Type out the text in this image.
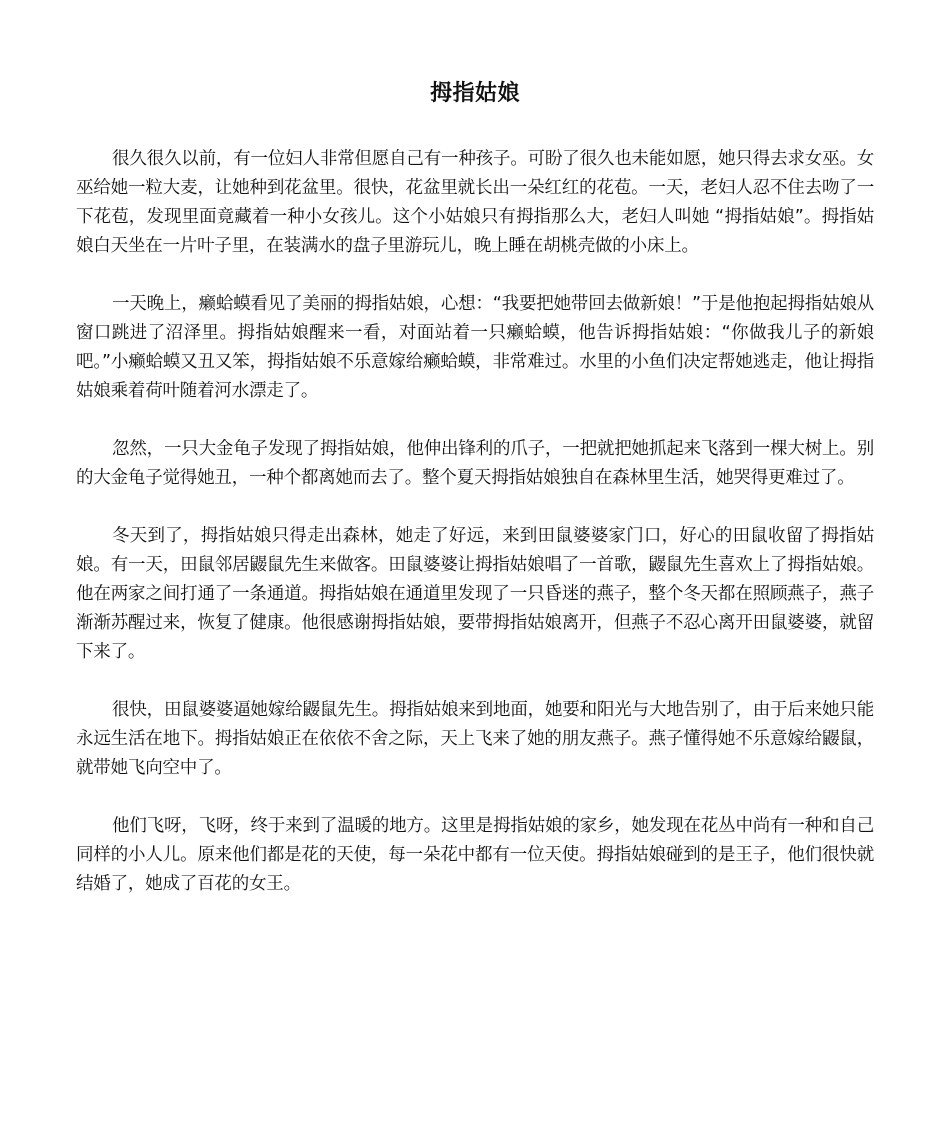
拇指姑娘

很久很久以前，有一位妇人非常但愿自己有一种孩子。可盼了很久也未能如愿，她只得去求女巫。女巫给她一粒大麦，让她种到花盆里。很快，花盆里就长出一朵红红的花苞。一天，老妇人忍不住去吻了一下花苞，发现里面竟藏着一种小女孩儿。这个小姑娘只有拇指那么大，老妇人叫她 “拇指姑娘”。拇指姑娘白天坐在一片叶子里，在装满水的盘子里游玩儿，晚上睡在胡桃壳做的小床上。

一天晚上，癞蛤蟆看见了美丽的拇指姑娘，心想：“我要把她带回去做新娘！”于是他抱起拇指姑娘从窗口跳进了沼泽里。拇指姑娘醒来一看，对面站着一只癞蛤蟆，他告诉拇指姑娘：“你做我儿子的新娘吧。”小癞蛤蟆又丑又笨，拇指姑娘不乐意嫁给癞蛤蟆，非常难过。水里的小鱼们决定帮她逃走，他让拇指姑娘乘着荷叶随着河水漂走了。

忽然，一只大金龟子发现了拇指姑娘，他伸出锋利的爪子，一把就把她抓起来飞落到一棵大树上。别的大金龟子觉得她丑，一种个都离她而去了。整个夏天拇指姑娘独自在森林里生活，她哭得更难过了。

冬天到了，拇指姑娘只得走出森林，她走了好远，来到田鼠婆婆家门口，好心的田鼠收留了拇指姑娘。有一天，田鼠邻居鼹鼠先生来做客。田鼠婆婆让拇指姑娘唱了一首歌，鼹鼠先生喜欢上了拇指姑娘。他在两家之间打通了一条通道。拇指姑娘在通道里发现了一只昏迷的燕子，整个冬天都在照顾燕子，燕子渐渐苏醒过来，恢复了健康。他很感谢拇指姑娘，要带拇指姑娘离开，但燕子不忍心离开田鼠婆婆，就留下来了。

很快，田鼠婆婆逼她嫁给鼹鼠先生。拇指姑娘来到地面，她要和阳光与大地告别了，由于后来她只能永远生活在地下。拇指姑娘正在依依不舍之际，天上飞来了她的朋友燕子。燕子懂得她不乐意嫁给鼹鼠，就带她飞向空中了。

他们飞呀，飞呀，终于来到了温暖的地方。这里是拇指姑娘的家乡，她发现在花丛中尚有一种和自己同样的小人儿。原来他们都是花的天使，每一朵花中都有一位天使。拇指姑娘碰到的是王子，他们很快就结婚了，她成了百花的女王。
